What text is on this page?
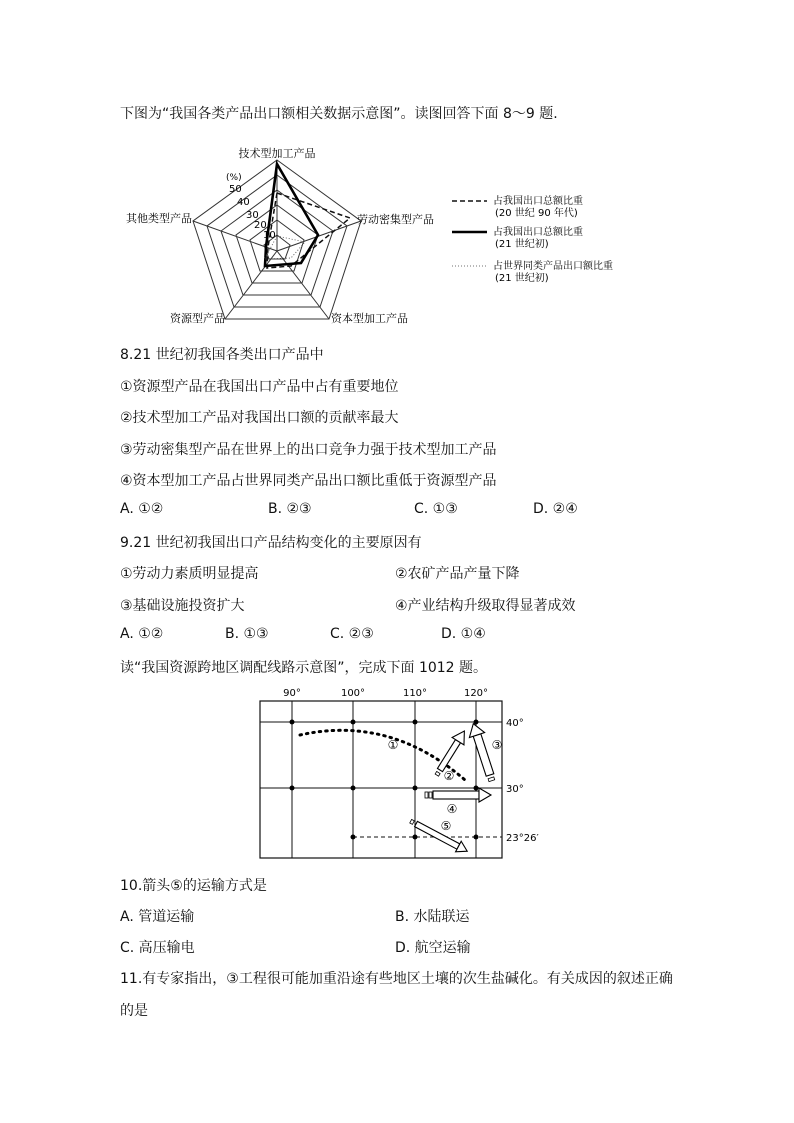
下图为“我国各类产品出口额相关数据示意图”。读图回答下面 8～9 题.
技术型加工产品
劳动密集型产品
资本型加工产品
资源型产品
其他类型产品
(%)
50
40
30
20
10
占我国出口总额比重
(20 世纪 90 年代)
占我国出口总额比重
(21 世纪初)
占世界同类产品出口额比重
(21 世纪初)
8.21 世纪初我国各类出口产品中
①资源型产品在我国出口产品中占有重要地位
②技术型加工产品对我国出口额的贡献率最大
③劳动密集型产品在世界上的出口竞争力强于技术型加工产品
④资本型加工产品占世界同类产品出口额比重低于资源型产品
A. ①②	B. ②③	C. ①③	D. ②④
9.21 世纪初我国出口产品结构变化的主要原因有
①劳动力素质明显提高	②农矿产品产量下降
③基础设施投资扩大	④产业结构升级取得显著成效
A. ①②	B. ①③	C. ②③	D. ①④
读“我国资源跨地区调配线路示意图”，完成下面 1012 题。
90°	100°	110°	120°
40°
30°
23°26′
①
②
③
④
⑤
10.箭头⑤的运输方式是
A. 管道运输	B. 水陆联运
C. 高压输电	D. 航空运输
11.有专家指出，③工程很可能加重沿途有些地区土壤的次生盐碱化。有关成因的叙述正确
的是
